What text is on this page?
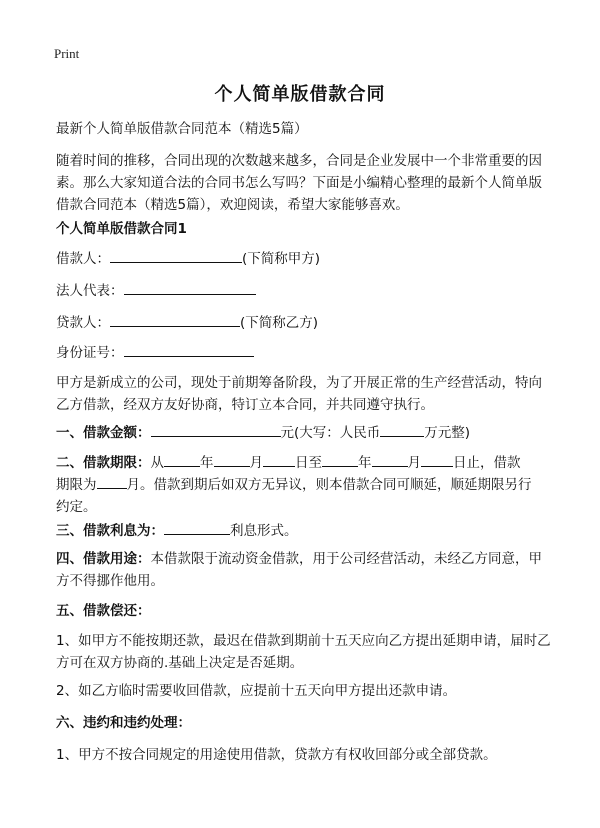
Print
个人简单版借款合同
最新个人简单版借款合同范本（精选5篇）
随着时间的推移，合同出现的次数越来越多，合同是企业发展中一个非常重要的因素。那么大家知道合法的合同书怎么写吗？下面是小编精心整理的最新个人简单版借款合同范本（精选5篇），欢迎阅读，希望大家能够喜欢。
个人简单版借款合同1
借款人：	(下简称甲方)
法人代表：
贷款人：	(下简称乙方)
身份证号：
甲方是新成立的公司，现处于前期筹备阶段，为了开展正常的生产经营活动，特向乙方借款，经双方友好协商，特订立本合同，并共同遵守执行。
一、借款金额：	元(大写：人民币	万元整)
二、借款期限：从	年	月 日至	年	月 日止，借款
期限为 月。借款到期后如双方无异议，则本借款合同可顺延，顺延期限另行
约定。
三、借款利息为：	利息形式。
四、借款用途：本借款限于流动资金借款，用于公司经营活动，未经乙方同意，甲方不得挪作他用。
五、借款偿还：
1、如甲方不能按期还款，最迟在借款到期前十五天应向乙方提出延期申请，届时乙方可在双方协商的.基础上决定是否延期。
2、如乙方临时需要收回借款，应提前十五天向甲方提出还款申请。
六、违约和违约处理：
1、甲方不按合同规定的用途使用借款，贷款方有权收回部分或全部贷款。
